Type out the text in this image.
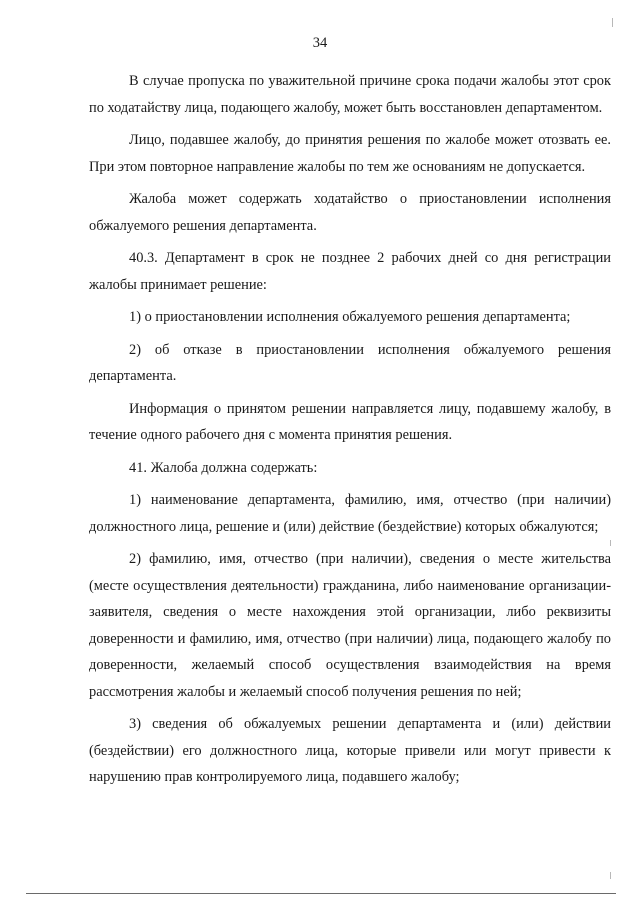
34

В случае пропуска по уважительной причине срока подачи жалобы этот срок по ходатайству лица, подающего жалобу, может быть восстановлен департаментом.

Лицо, подавшее жалобу, до принятия решения по жалобе может отозвать ее. При этом повторное направление жалобы по тем же основаниям не допускается.

Жалоба может содержать ходатайство о приостановлении исполнения обжалуемого решения департамента.

40.3. Департамент в срок не позднее 2 рабочих дней со дня регистрации жалобы принимает решение:

1) о приостановлении исполнения обжалуемого решения департамента;

2) об отказе в приостановлении исполнения обжалуемого решения департамента.

Информация о принятом решении направляется лицу, подавшему жалобу, в течение одного рабочего дня с момента принятия решения.

41. Жалоба должна содержать:

1) наименование департамента, фамилию, имя, отчество (при наличии) должностного лица, решение и (или) действие (бездействие) которых обжалуются;

2) фамилию, имя, отчество (при наличии), сведения о месте жительства (месте осуществления деятельности) гражданина, либо наименование организации-заявителя, сведения о месте нахождения этой организации, либо реквизиты доверенности и фамилию, имя, отчество (при наличии) лица, подающего жалобу по доверенности, желаемый способ осуществления взаимодействия на время рассмотрения жалобы и желаемый способ получения решения по ней;

3) сведения об обжалуемых решении департамента и (или) действии (бездействии) его должностного лица, которые привели или могут привести к нарушению прав контролируемого лица, подавшего жалобу;
